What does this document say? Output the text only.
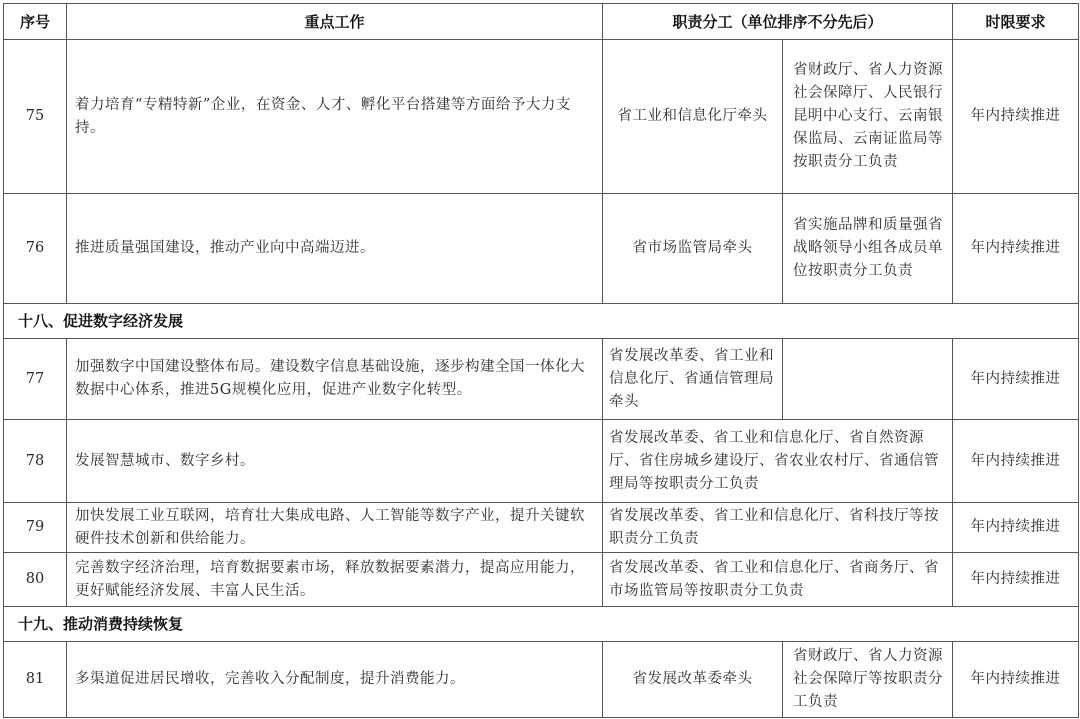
序号	重点工作	职责分工（单位排序不分先后）		时限要求
75	着力培育“专精特新”企业，在资金、人才、孵化平台搭建等方面给予大力支持。	省工业和信息化厅牵头	省财政厅、省人力资源社会保障厅、人民银行昆明中心支行、云南银保监局、云南证监局等按职责分工负责	年内持续推进
76	推进质量强国建设，推动产业向中高端迈进。	省市场监管局牵头	省实施品牌和质量强省战略领导小组各成员单位按职责分工负责	年内持续推进
十八、促进数字经济发展				
77	加强数字中国建设整体布局。建设数字信息基础设施，逐步构建全国一体化大数据中心体系，推进5G规模化应用，促进产业数字化转型。	省发展改革委、省工业和信息化厅、省通信管理局牵头		年内持续推进
78	发展智慧城市、数字乡村。	省发展改革委、省工业和信息化厅、省自然资源厅、省住房城乡建设厅、省农业农村厅、省通信管理局等按职责分工负责		年内持续推进
79	加快发展工业互联网，培育壮大集成电路、人工智能等数字产业，提升关键软硬件技术创新和供给能力。	省发展改革委、省工业和信息化厅、省科技厅等按职责分工负责		年内持续推进
80	完善数字经济治理，培育数据要素市场，释放数据要素潜力，提高应用能力，更好赋能经济发展、丰富人民生活。	省发展改革委、省工业和信息化厅、省商务厅、省市场监管局等按职责分工负责		年内持续推进
十九、推动消费持续恢复				
81	多渠道促进居民增收，完善收入分配制度，提升消费能力。	省发展改革委牵头	省财政厅、省人力资源社会保障厅等按职责分工负责	年内持续推进
